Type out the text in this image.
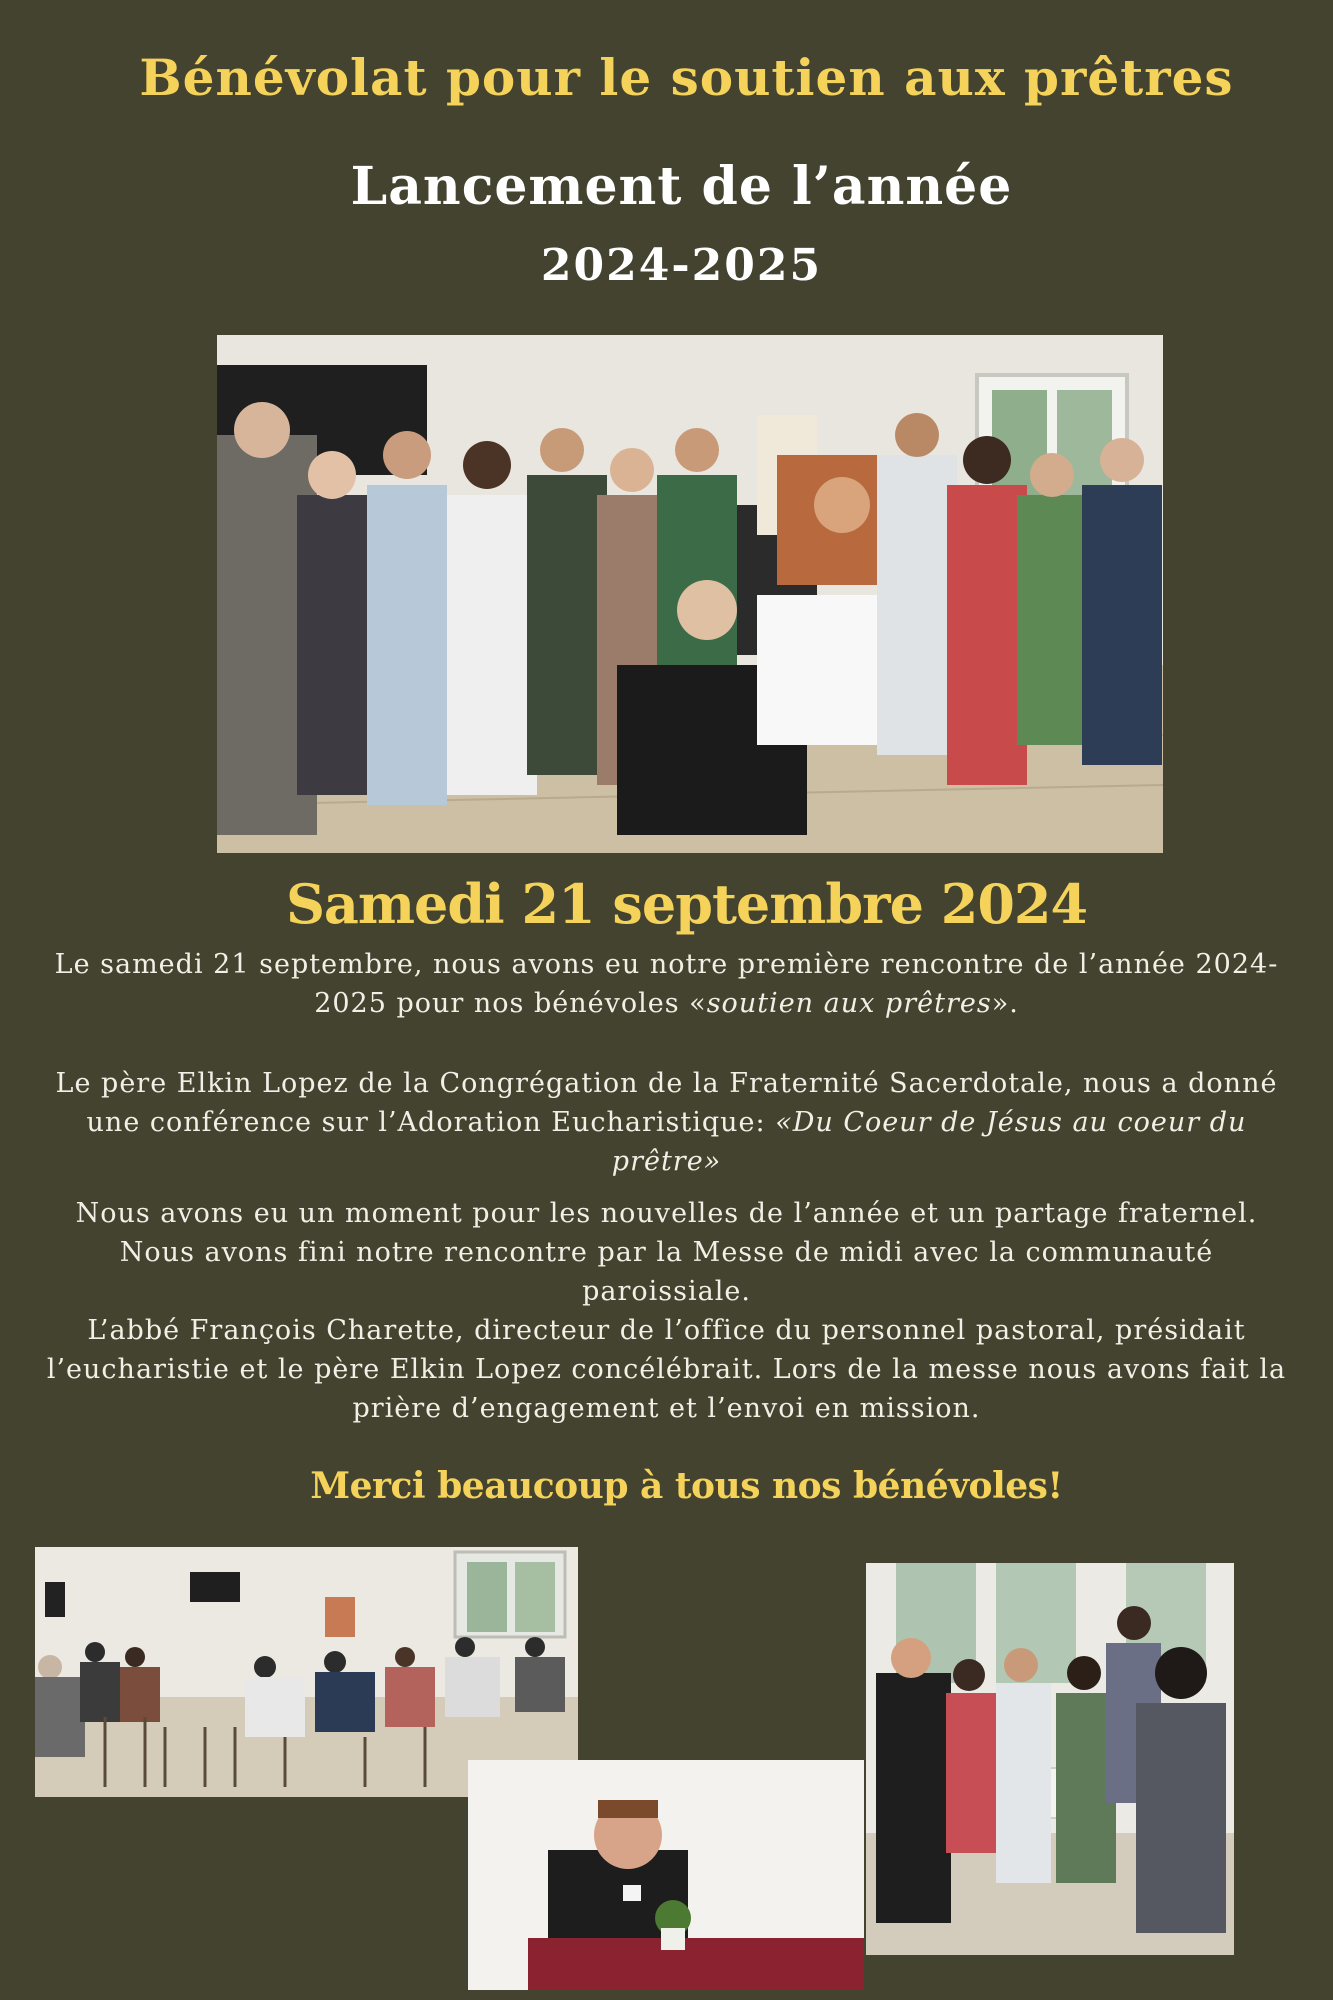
Bénévolat pour le soutien aux prêtres
Lancement de l’année
2024-2025
Samedi 21 septembre 2024
Le samedi 21 septembre, nous avons eu notre première rencontre de l’année 2024-2025 pour nos bénévoles «soutien aux prêtres».
Le père Elkin Lopez de la Congrégation de la Fraternité Sacerdotale, nous a donné une conférence sur l’Adoration Eucharistique: «Du Coeur de Jésus au coeur du prêtre»
Nous avons eu un moment pour les nouvelles de l’année et un partage fraternel. Nous avons fini notre rencontre par la Messe de midi avec la communauté paroissiale.
L’abbé François Charette, directeur de l’office du personnel pastoral, présidait l’eucharistie et le père Elkin Lopez concélébrait. Lors de la messe nous avons fait la prière d’engagement et l’envoi en mission.
Merci beaucoup à tous nos bénévoles!
